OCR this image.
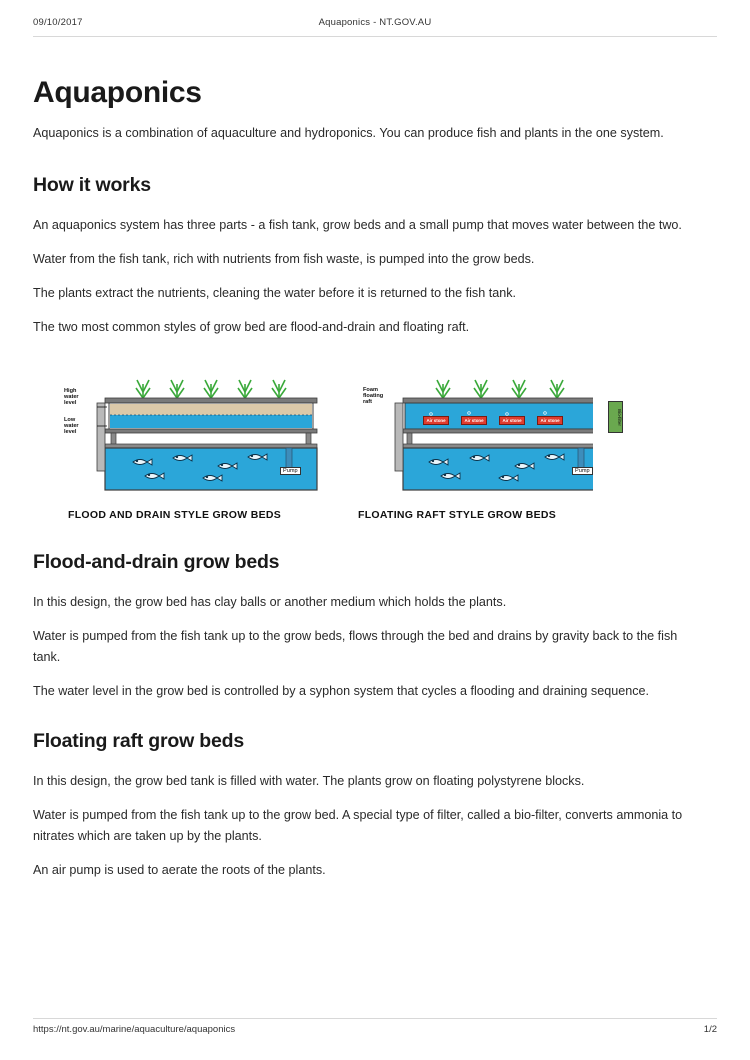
09/10/2017	Aquaponics - NT.GOV.AU
Aquaponics

Aquaponics is a combination of aquaculture and hydroponics. You can produce fish and plants in the one system.

How it works

An aquaponics system has three parts - a fish tank, grow beds and a small pump that moves water between the two.

Water from the fish tank, rich with nutrients from fish waste, is pumped into the grow beds.

The plants extract the nutrients, cleaning the water before it is returned to the fish tank.

The two most common styles of grow bed are flood-and-drain and floating raft.

High
water
level
Low
water
level
Foam
floating
raft
Air stone	Air stone	Air stone	Air stone
Pump	Pump
Bio-filter
FLOOD AND DRAIN STYLE GROW BEDS	FLOATING RAFT STYLE GROW BEDS
Flood-and-drain grow beds

In this design, the grow bed has clay balls or another medium which holds the plants.

Water is pumped from the fish tank up to the grow beds, flows through the bed and drains by gravity back to the fish tank.

The water level in the grow bed is controlled by a syphon system that cycles a flooding and draining sequence.

Floating raft grow beds

In this design, the grow bed tank is filled with water. The plants grow on floating polystyrene blocks.

Water is pumped from the fish tank up to the grow bed. A special type of filter, called a bio-filter, converts ammonia to nitrates which are taken up by the plants.

An air pump is used to aerate the roots of the plants.

https://nt.gov.au/marine/aquaculture/aquaponics	1/2
